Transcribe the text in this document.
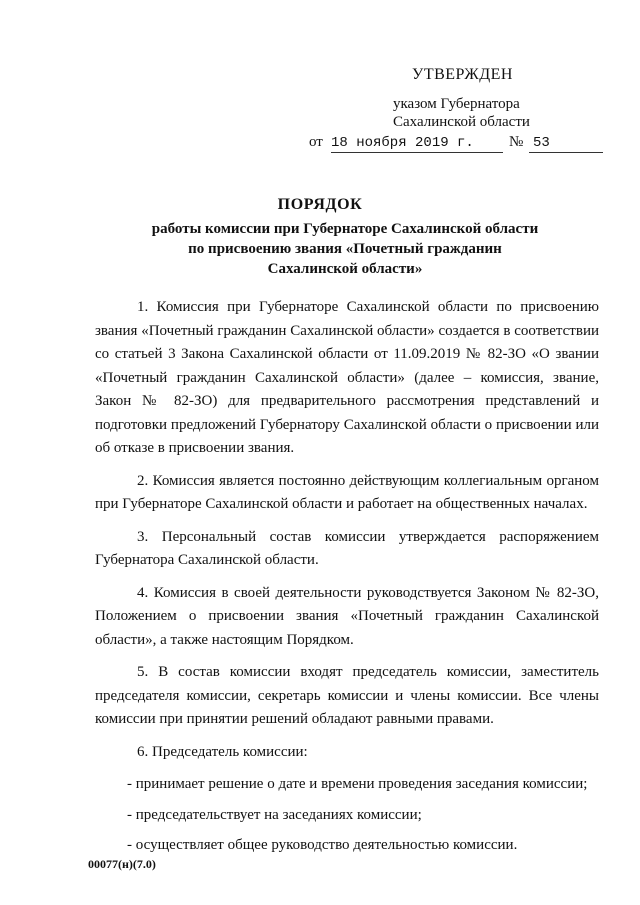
УТВЕРЖДЕН
указом Губернатора
Сахалинской области
от 18 ноября 2019 г.	№ 53
ПОРЯДОК
работы комиссии при Губернаторе Сахалинской области по присвоению звания «Почетный гражданин Сахалинской области»

1. Комиссия при Губернаторе Сахалинской области по присвоению звания «Почетный гражданин Сахалинской области» создается в соответствии со статьей 3 Закона Сахалинской области от 11.09.2019 № 82-ЗО «О звании «Почетный гражданин Сахалинской области» (далее – комиссия, звание, Закон № 82-ЗО) для предварительного рассмотрения представлений и подготовки предложений Губернатору Сахалинской области о присвоении или об отказе в присвоении звания.

2. Комиссия является постоянно действующим коллегиальным органом при Губернаторе Сахалинской области и работает на общественных началах.

3. Персональный состав комиссии утверждается распоряжением Губернатора Сахалинской области.

4. Комиссия в своей деятельности руководствуется Законом № 82-ЗО, Положением о присвоении звания «Почетный гражданин Сахалинской области», а также настоящим Порядком.

5. В состав комиссии входят председатель комиссии, заместитель председателя комиссии, секретарь комиссии и члены комиссии. Все члены комиссии при принятии решений обладают равными правами.

6. Председатель комиссии:

- принимает решение о дате и времени проведения заседания комиссии;

- председательствует на заседаниях комиссии;

- осуществляет общее руководство деятельностью комиссии.

00077(н)(7.0)
